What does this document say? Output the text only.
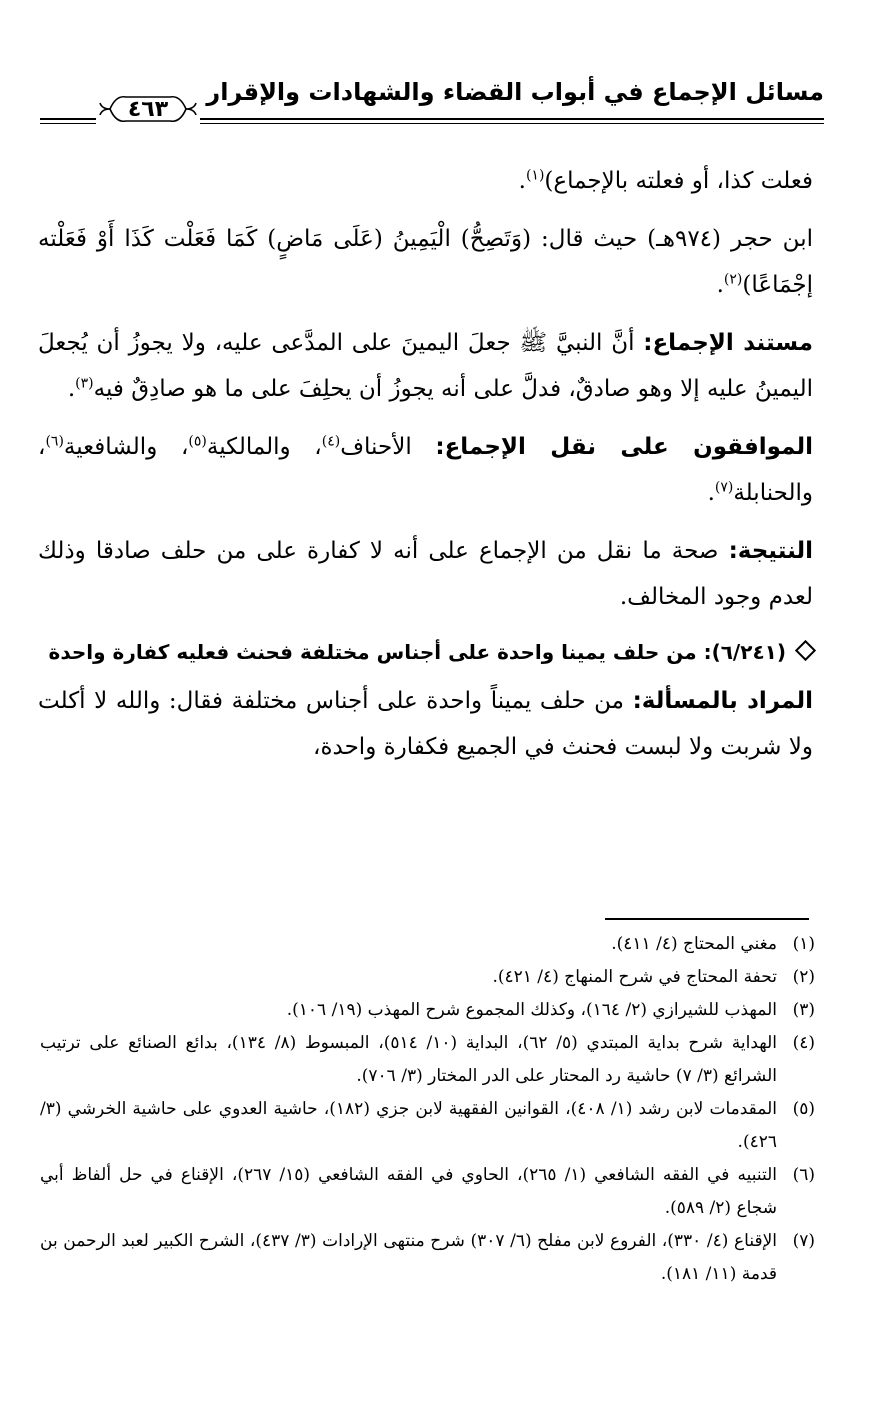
مسائل الإجماع في أبواب القضاء والشهادات والإقرار
٤٦٣

فعلت كذا، أو فعلته بالإجماع)$^{(١)}$.

ابن حجر (٩٧٤هـ) حيث قال: (وَتَصِحُّ) الْيَمِينُ (عَلَى مَاضٍ) كَمَا فَعَلْت كَذَا أَوْ فَعَلْته إجْمَاعًا)$^{(٢)}$.

مستند الإجماع: أنَّ النبيَّ ﷺ جعلَ اليمينَ على المدَّعى عليه، ولا يجوزُ أن يُجعلَ اليمينُ عليه إلا وهو صادقٌ، فدلَّ على أنه يجوزُ أن يحلِفَ على ما هو صادِقٌ فيه$^{(٣)}$.

الموافقون على نقل الإجماع: الأحناف$^{(٤)}$، والمالكية$^{(٥)}$، والشافعية$^{(٦)}$، والحنابلة$^{(٧)}$.

النتيجة: صحة ما نقل من الإجماع على أنه لا كفارة على من حلف صادقا وذلك لعدم وجود المخالف.

(٦/٢٤١): من حلف يمينا واحدة على أجناس مختلفة فحنث فعليه كفارة واحدة

المراد بالمسألة: من حلف يميناً واحدة على أجناس مختلفة فقال: والله لا أكلت ولا شربت ولا لبست فحنث في الجميع فكفارة واحدة،

(١)
مغني المحتاج (٤/ ٤١١).
(٢)
تحفة المحتاج في شرح المنهاج (٤/ ٤٢١).
(٣)
المهذب للشيرازي (٢/ ١٦٤)، وكذلك المجموع شرح المهذب (١٩/ ١٠٦).
(٤)
الهداية شرح بداية المبتدي (٥/ ٦٢)، البداية (١٠/ ٥١٤)، المبسوط (٨/ ١٣٤)، بدائع الصنائع على ترتيب الشرائع (٣/ ٧) حاشية رد المحتار على الدر المختار (٣/ ٧٠٦).
(٥)
المقدمات لابن رشد (١/ ٤٠٨)، القوانين الفقهية لابن جزي (١٨٢)، حاشية العدوي على حاشية الخرشي (٣/ ٤٢٦).
(٦)
التنبيه في الفقه الشافعي (١/ ٢٦٥)، الحاوي في الفقه الشافعي (١٥/ ٢٦٧)، الإقناع في حل ألفاظ أبي شجاع (٢/ ٥٨٩).
(٧)
الإقناع (٤/ ٣٣٠)، الفروع لابن مفلح (٦/ ٣٠٧) شرح منتهى الإرادات (٣/ ٤٣٧)، الشرح الكبير لعبد الرحمن بن قدمة (١١/ ١٨١).
